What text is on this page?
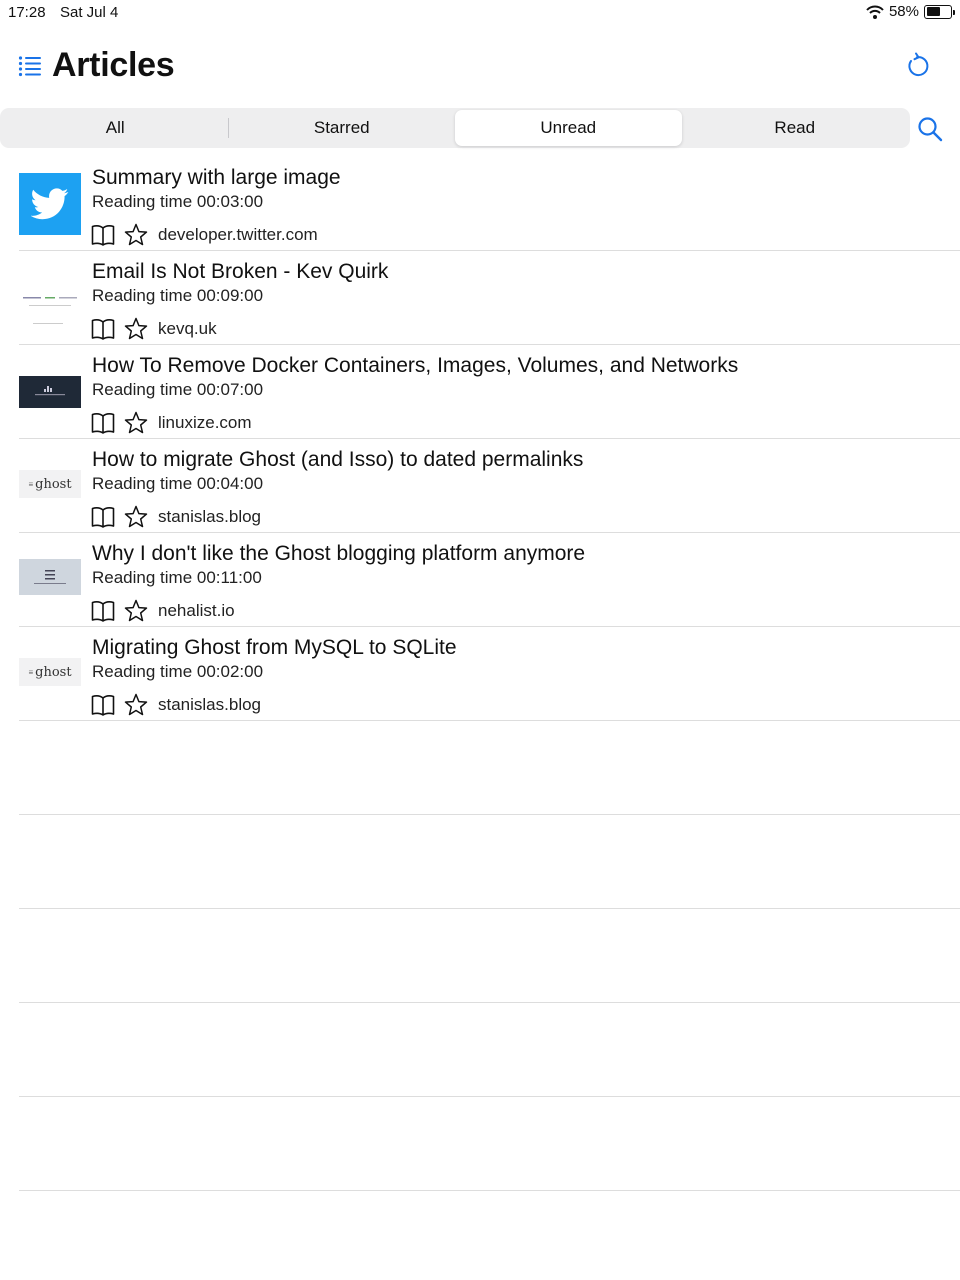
17:28 Sat Jul 4	58%
Articles
All	Starred	Unread	Read
Summary with large image
Reading time 00:03:00
developer.twitter.com
Email Is Not Broken - Kev Quirk
Reading time 00:09:00
kevq.uk
How To Remove Docker Containers, Images, Volumes, and Networks
Reading time 00:07:00
linuxize.com
≡ ghost
How to migrate Ghost (and Isso) to dated permalinks
Reading time 00:04:00
stanislas.blog
Why I don't like the Ghost blogging platform anymore
Reading time 00:11:00
nehalist.io
≡ ghost
Migrating Ghost from MySQL to SQLite
Reading time 00:02:00
stanislas.blog
